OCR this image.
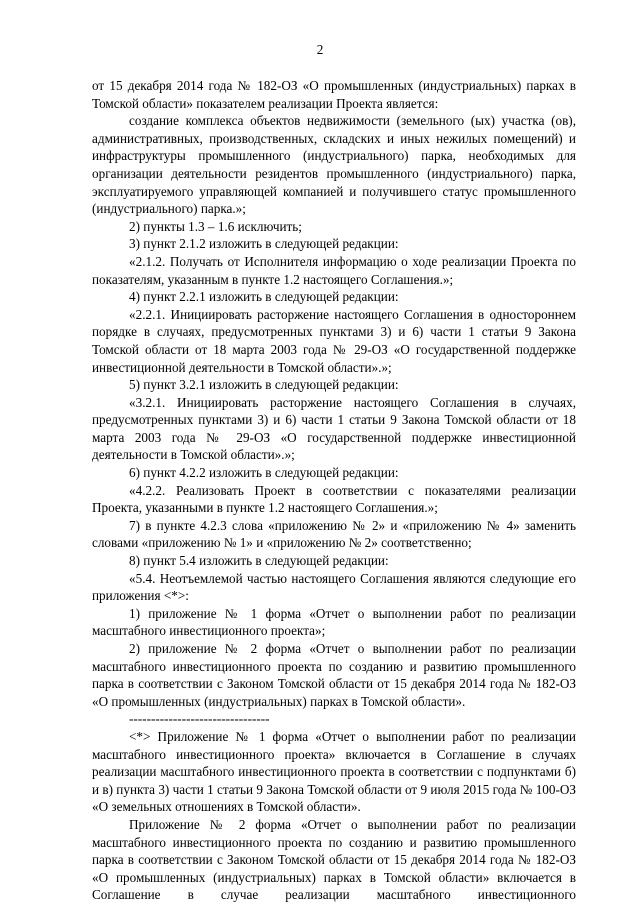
2

от 15 декабря 2014 года № 182-ОЗ «О промышленных (индустриальных) парках в Томской области» показателем реализации Проекта является:

создание комплекса объектов недвижимости (земельного (ых) участка (ов), административных, производственных, складских и иных нежилых помещений) и инфраструктуры промышленного (индустриального) парка, необходимых для организации деятельности резидентов промышленного (индустриального) парка, эксплуатируемого управляющей компанией и получившего статус промышленного (индустриального) парка.»;

2) пункты 1.3 – 1.6 исключить;

3) пункт 2.1.2 изложить в следующей редакции:

«2.1.2. Получать от Исполнителя информацию о ходе реализации Проекта по показателям, указанным в пункте 1.2 настоящего Соглашения.»;

4) пункт 2.2.1 изложить в следующей редакции:

«2.2.1. Инициировать расторжение настоящего Соглашения в одностороннем порядке в случаях, предусмотренных пунктами 3) и 6) части 1 статьи 9 Закона Томской области от 18 марта 2003 года № 29-ОЗ «О государственной поддержке инвестиционной деятельности в Томской области».»;

5) пункт 3.2.1 изложить в следующей редакции:

«3.2.1. Инициировать расторжение настоящего Соглашения в случаях, предусмотренных пунктами 3) и 6) части 1 статьи 9 Закона Томской области от 18 марта 2003 года № 29-ОЗ «О государственной поддержке инвестиционной деятельности в Томской области».»;

6) пункт 4.2.2 изложить в следующей редакции:

«4.2.2. Реализовать Проект в соответствии с показателями реализации Проекта, указанными в пункте 1.2 настоящего Соглашения.»;

7) в пункте 4.2.3 слова «приложению № 2» и «приложению № 4» заменить словами «приложению № 1» и «приложению № 2» соответственно;

8) пункт 5.4 изложить в следующей редакции:

«5.4. Неотъемлемой частью настоящего Соглашения являются следующие его приложения <*>:

1) приложение № 1 форма «Отчет о выполнении работ по реализации масштабного инвестиционного проекта»;

2) приложение № 2 форма «Отчет о выполнении работ по реализации масштабного инвестиционного проекта по созданию и развитию промышленного парка в соответствии с Законом Томской области от 15 декабря 2014 года № 182-ОЗ «О промышленных (индустриальных) парках в Томской области».

--------------------------------

<*> Приложение № 1 форма «Отчет о выполнении работ по реализации масштабного инвестиционного проекта» включается в Соглашение в случаях реализации масштабного инвестиционного проекта в соответствии с подпунктами б) и в) пункта 3) части 1 статьи 9 Закона Томской области от 9 июля 2015 года № 100-ОЗ «О земельных отношениях в Томской области».

Приложение № 2 форма «Отчет о выполнении работ по реализации масштабного инвестиционного проекта по созданию и развитию промышленного парка в соответствии с Законом Томской области от 15 декабря 2014 года № 182-ОЗ «О промышленных (индустриальных) парках в Томской области» включается в Соглашение в случае реализации масштабного инвестиционного
